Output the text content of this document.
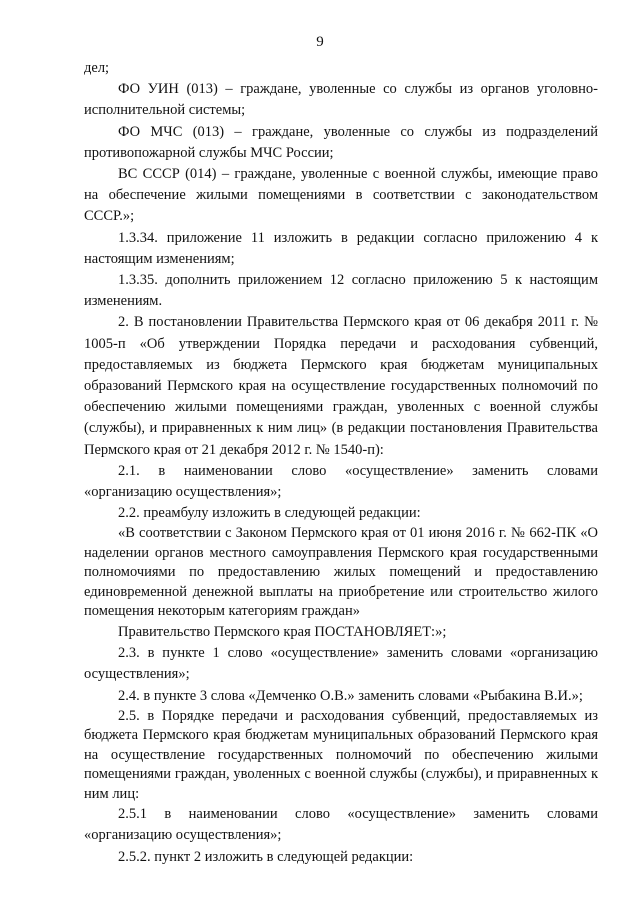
9

дел;

ФО УИН (013) – граждане, уволенные со службы из органов уголовно-исполнительной системы;

ФО МЧС (013) – граждане, уволенные со службы из подразделений противопожарной службы МЧС России;

ВС СССР (014) – граждане, уволенные с военной службы, имеющие право на обеспечение жилыми помещениями в соответствии с законодательством СССР.»;

1.3.34. приложение 11 изложить в редакции согласно приложению 4 к настоящим изменениям;

1.3.35. дополнить приложением 12 согласно приложению 5 к настоящим изменениям.

2. В постановлении Правительства Пермского края от 06 декабря 2011 г. № 1005-п «Об утверждении Порядка передачи и расходования субвенций, предоставляемых из бюджета Пермского края бюджетам муниципальных образований Пермского края на осуществление государственных полномочий по обеспечению жилыми помещениями граждан, уволенных с военной службы (службы), и приравненных к ним лиц» (в редакции постановления Правительства Пермского края от 21 декабря 2012 г. № 1540-п):

2.1. в наименовании слово «осуществление» заменить словами «организацию осуществления»;

2.2. преамбулу изложить в следующей редакции:

«В соответствии с Законом Пермского края от 01 июня 2016 г. № 662-ПК «О наделении органов местного самоуправления Пермского края государственными полномочиями по предоставлению жилых помещений и предоставлению единовременной денежной выплаты на приобретение или строительство жилого помещения некоторым категориям граждан»

Правительство Пермского края ПОСТАНОВЛЯЕТ:»;

2.3. в пункте 1 слово «осуществление» заменить словами «организацию осуществления»;

2.4. в пункте 3 слова «Демченко О.В.» заменить словами «Рыбакина В.И.»;

2.5. в Порядке передачи и расходования субвенций, предоставляемых из бюджета Пермского края бюджетам муниципальных образований Пермского края на осуществление государственных полномочий по обеспечению жилыми помещениями граждан, уволенных с военной службы (службы), и приравненных к ним лиц:

2.5.1 в наименовании слово «осуществление» заменить словами «организацию осуществления»;

2.5.2. пункт 2 изложить в следующей редакции:
